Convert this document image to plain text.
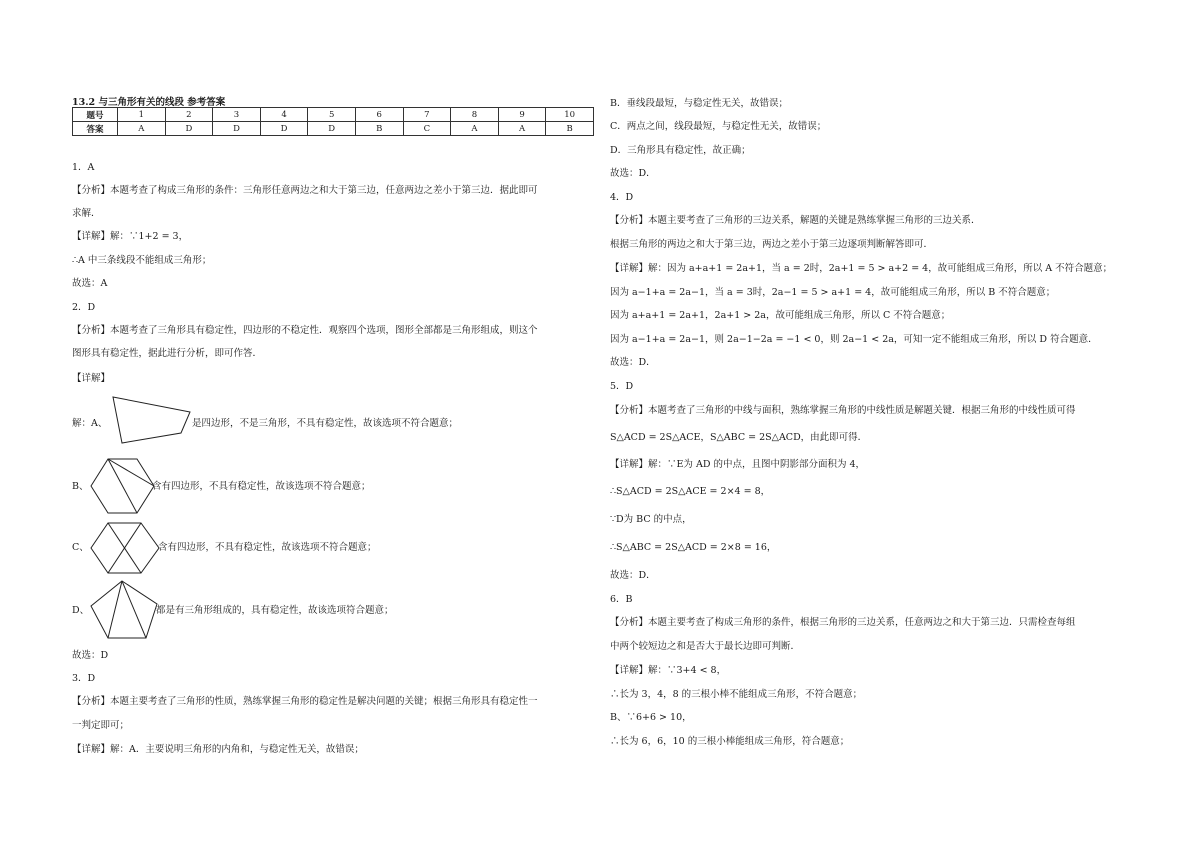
13.2 与三角形有关的线段 参考答案
题号	1	2	3	4	5	6	7	8	9	10
答案	A	D	D	D	D	B	C	A	A	B
1．A
【分析】本题考查了构成三角形的条件：三角形任意两边之和大于第三边，任意两边之差小于第三边．据此即可
求解．
【详解】解：∵1+2 = 3，
∴A 中三条线段不能组成三角形；
故选：A
2．D
【分析】本题考查了三角形具有稳定性，四边形的不稳定性．观察四个选项，图形全部都是三角形组成，则这个
图形具有稳定性，据此进行分析，即可作答．
【详解】
解：A、	是四边形，不是三角形，不具有稳定性，故该选项不符合题意；
B、	含有四边形，不具有稳定性，故该选项不符合题意；
C、	含有四边形，不具有稳定性，故该选项不符合题意；
D、	都是有三角形组成的，具有稳定性，故该选项符合题意；
故选：D
3．D
【分析】本题主要考查了三角形的性质，熟练掌握三角形的稳定性是解决问题的关键；根据三角形具有稳定性一
一判定即可；
【详解】解：A．主要说明三角形的内角和，与稳定性无关，故错误；
B．垂线段最短，与稳定性无关，故错误；
C．两点之间，线段最短，与稳定性无关，故错误；
D．三角形具有稳定性，故正确；
故选：D．
4．D
【分析】本题主要考查了三角形的三边关系，解题的关键是熟练掌握三角形的三边关系．
根据三角形的两边之和大于第三边，两边之差小于第三边逐项判断解答即可．
【详解】解：因为 a+a+1 = 2a+1，当 a = 2时，2a+1 = 5 > a+2 = 4，故可能组成三角形，所以 A 不符合题意；
因为 a−1+a = 2a−1，当 a = 3时，2a−1 = 5 > a+1 = 4，故可能组成三角形，所以 B 不符合题意；
因为 a+a+1 = 2a+1，2a+1 > 2a，故可能组成三角形，所以 C 不符合题意；
因为 a−1+a = 2a−1，则 2a−1−2a = −1 < 0，则 2a−1 < 2a，可知一定不能组成三角形，所以 D 符合题意．
故选：D．
5．D
【分析】本题考查了三角形的中线与面积，熟练掌握三角形的中线性质是解题关键．根据三角形的中线性质可得
S△ACD = 2S△ACE，S△ABC = 2S△ACD，由此即可得．
【详解】解：∵E为 AD 的中点，且图中阴影部分面积为 4，
∴S△ACD = 2S△ACE = 2×4 = 8，
∵D为 BC 的中点，
∴S△ABC = 2S△ACD = 2×8 = 16，
故选：D．
6．B
【分析】本题主要考查了构成三角形的条件，根据三角形的三边关系，任意两边之和大于第三边．只需检查每组
中两个较短边之和是否大于最长边即可判断．
【详解】解：∵3+4 < 8，
∴长为 3，4，8 的三根小棒不能组成三角形，不符合题意；
B、∵6+6 > 10，
∴长为 6，6，10 的三根小棒能组成三角形，符合题意；
